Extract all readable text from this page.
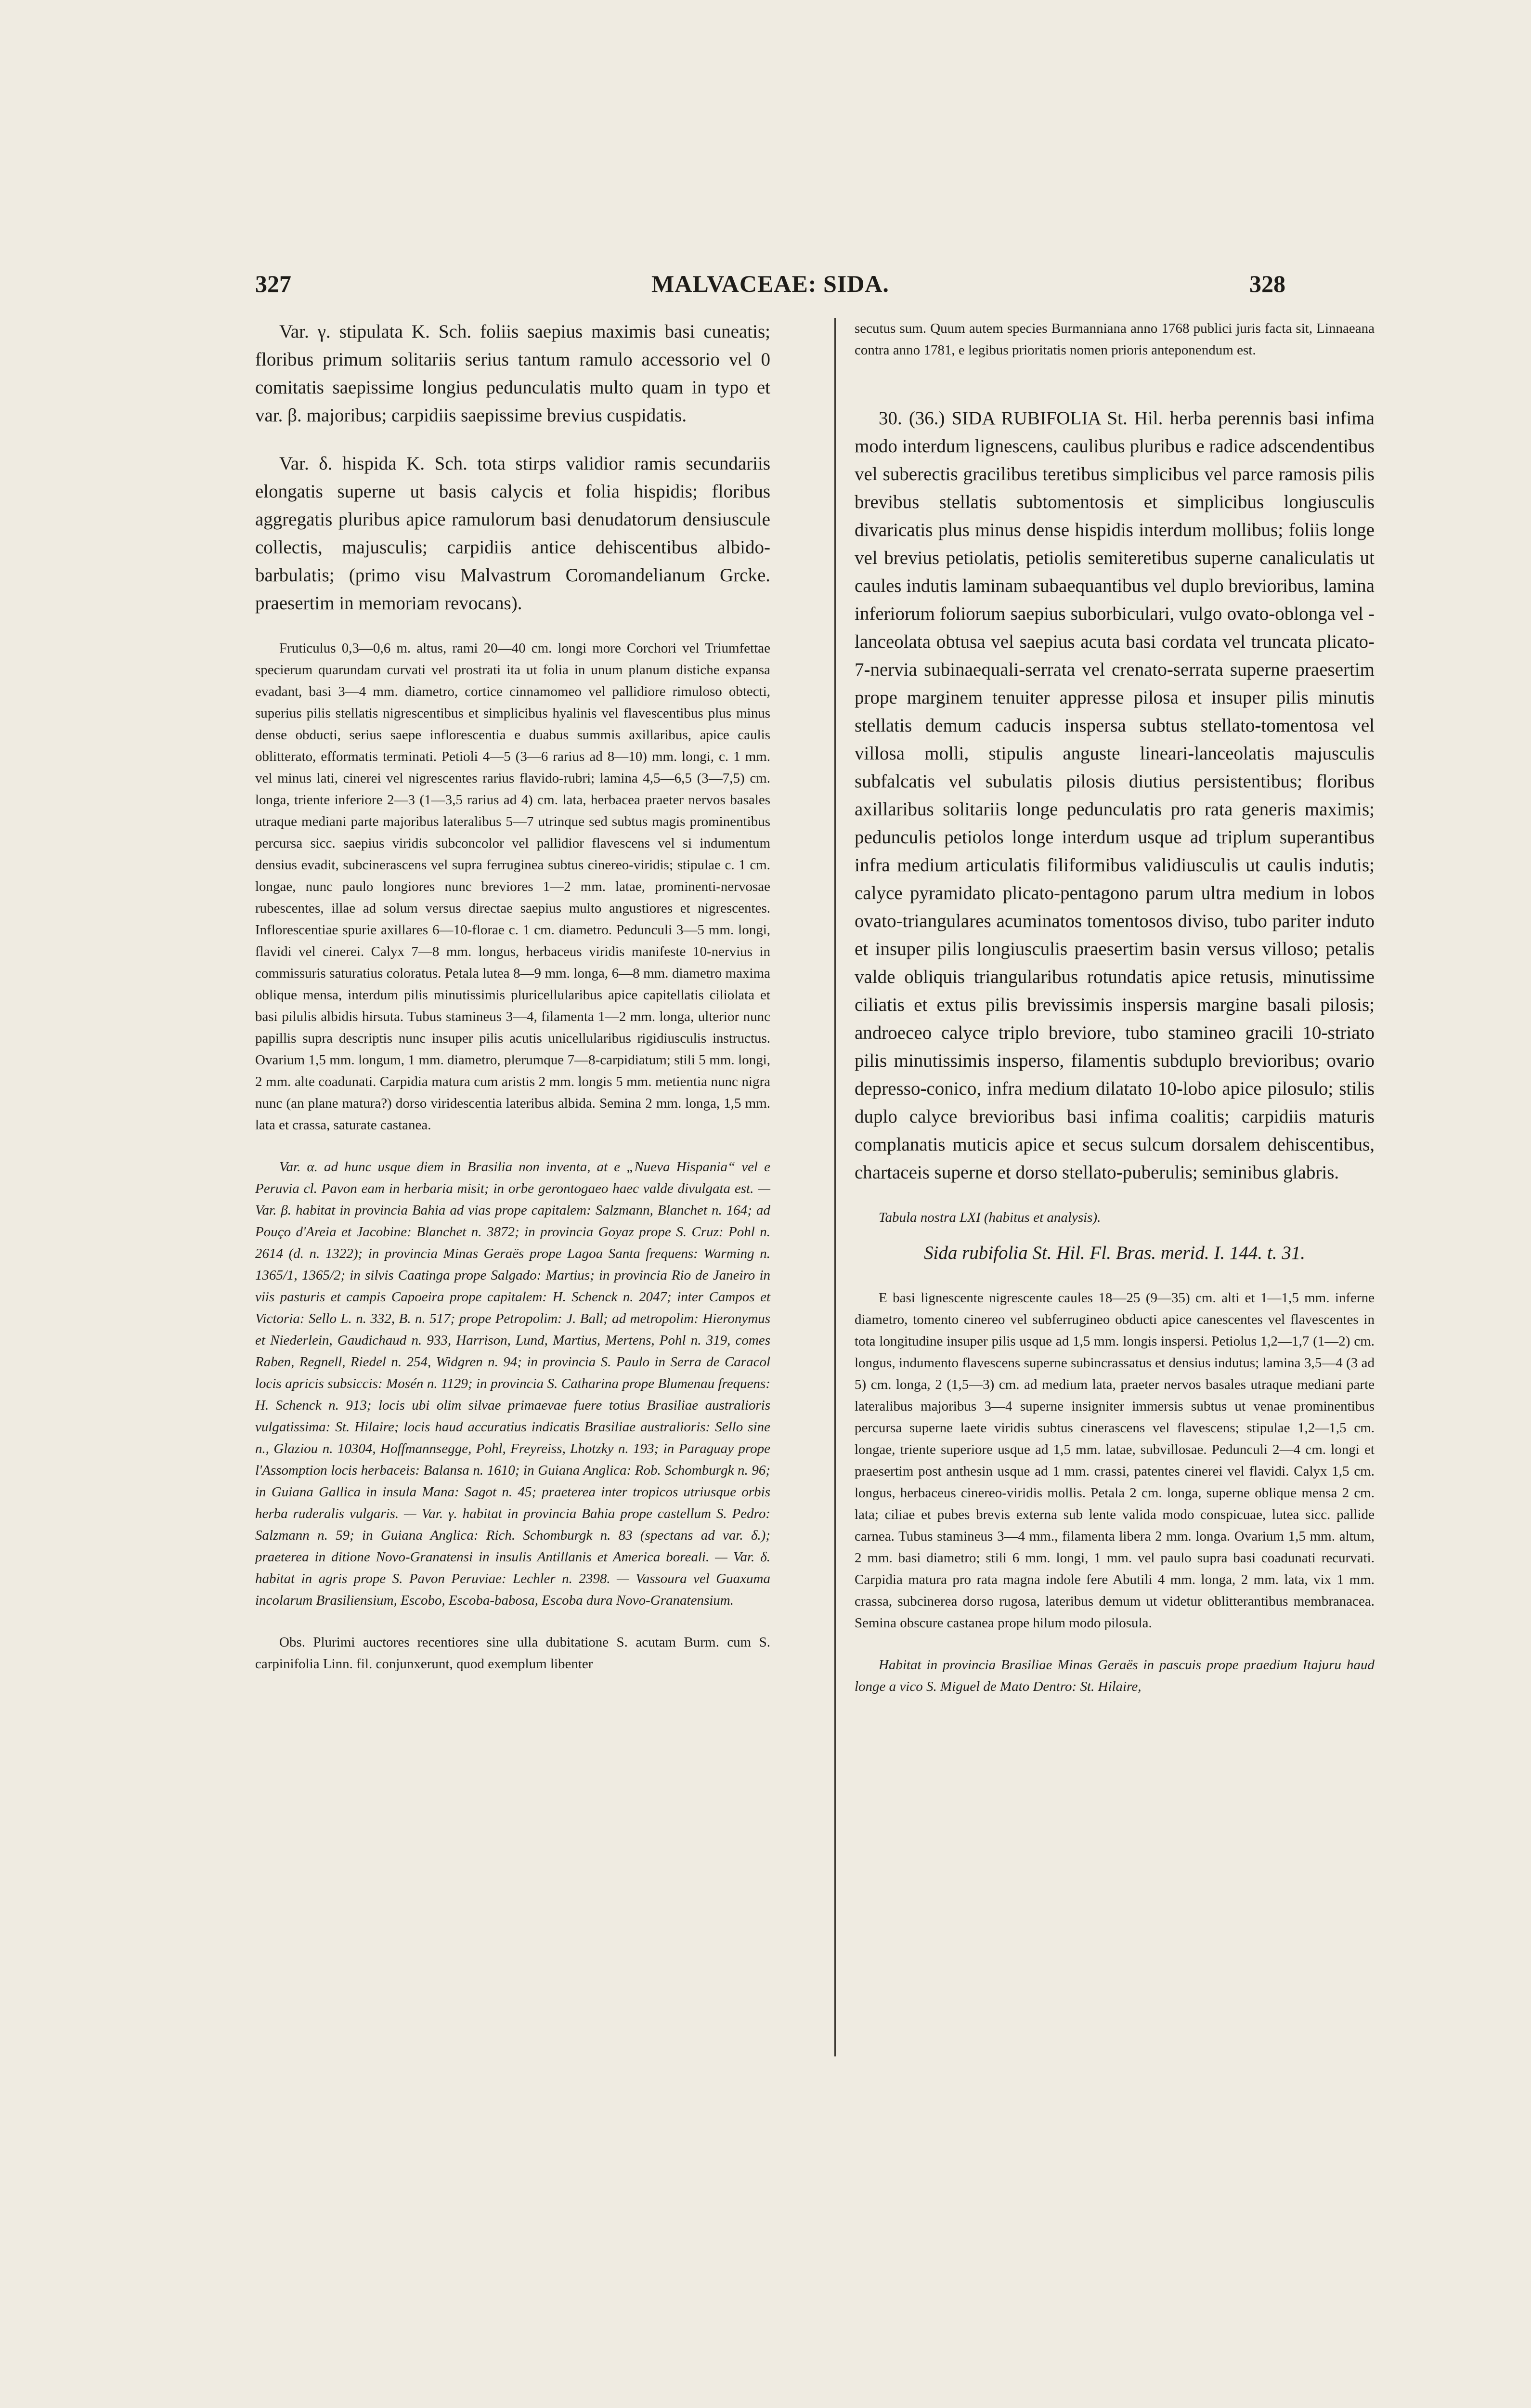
327	MALVACEAE: SIDA.	328

Var. γ. stipulata K. Sch. foliis saepius maximis basi cuneatis; floribus primum solitariis serius tantum ramulo accessorio vel 0 comitatis saepissime longius pedunculatis multo quam in typo et var. β. majoribus; carpidiis saepissime brevius cuspidatis.

Var. δ. hispida K. Sch. tota stirps validior ramis secundariis elongatis superne ut basis calycis et folia hispidis; floribus aggregatis pluribus apice ramulorum basi denudatorum densiuscule collectis, majusculis; carpidiis antice dehiscentibus albido-barbulatis; (primo visu Malvastrum Coromandelianum Grcke. praesertim in memoriam revocans).

Fruticulus 0,3—0,6 m. altus, rami 20—40 cm. longi more Corchori vel Triumfettae specierum quarundam curvati vel prostrati ita ut folia in unum planum distiche expansa evadant, basi 3—4 mm. diametro, cortice cinnamomeo vel pallidiore rimuloso obtecti, superius pilis stellatis nigrescentibus et simplicibus hyalinis vel flavescentibus plus minus dense obducti, serius saepe inflorescentia e duabus summis axillaribus, apice caulis oblitterato, efformatis terminati. Petioli 4—5 (3—6 rarius ad 8—10) mm. longi, c. 1 mm. vel minus lati, cinerei vel nigrescentes rarius flavido-rubri; lamina 4,5—6,5 (3—7,5) cm. longa, triente inferiore 2—3 (1—3,5 rarius ad 4) cm. lata, herbacea praeter nervos basales utraque mediani parte majoribus lateralibus 5—7 utrinque sed subtus magis prominentibus percursa sicc. saepius viridis subconcolor vel pallidior flavescens vel si indumentum densius evadit, subcinerascens vel supra ferruginea subtus cinereo-viridis; stipulae c. 1 cm. longae, nunc paulo longiores nunc breviores 1—2 mm. latae, prominenti-nervosae rubescentes, illae ad solum versus directae saepius multo angustiores et nigrescentes. Inflorescentiae spurie axillares 6—10-florae c. 1 cm. diametro. Pedunculi 3—5 mm. longi, flavidi vel cinerei. Calyx 7—8 mm. longus, herbaceus viridis manifeste 10-nervius in commissuris saturatius coloratus. Petala lutea 8—9 mm. longa, 6—8 mm. diametro maxima oblique mensa, interdum pilis minutissimis pluricellularibus apice capitellatis ciliolata et basi pilulis albidis hirsuta. Tubus stamineus 3—4, filamenta 1—2 mm. longa, ulterior nunc papillis supra descriptis nunc insuper pilis acutis unicellularibus rigidiusculis instructus. Ovarium 1,5 mm. longum, 1 mm. diametro, plerumque 7—8-carpidiatum; stili 5 mm. longi, 2 mm. alte coadunati. Carpidia matura cum aristis 2 mm. longis 5 mm. metientia nunc nigra nunc (an plane matura?) dorso viridescentia lateribus albida. Semina 2 mm. longa, 1,5 mm. lata et crassa, saturate castanea.

Var. α. ad hunc usque diem in Brasilia non inventa, at e „Nueva Hispania“ vel e Peruvia cl. Pavon eam in herbaria misit; in orbe gerontogaeo haec valde divulgata est. — Var. β. habitat in provincia Bahia ad vias prope capitalem: Salzmann, Blanchet n. 164; ad Pouço d'Areia et Jacobine: Blanchet n. 3872; in provincia Goyaz prope S. Cruz: Pohl n. 2614 (d. n. 1322); in provincia Minas Geraës prope Lagoa Santa frequens: Warming n. 1365/1, 1365/2; in silvis Caatinga prope Salgado: Martius; in provincia Rio de Janeiro in viis pasturis et campis Capoeira prope capitalem: H. Schenck n. 2047; inter Campos et Victoria: Sello L. n. 332, B. n. 517; prope Petropolim: J. Ball; ad metropolim: Hieronymus et Niederlein, Gaudichaud n. 933, Harrison, Lund, Martius, Mertens, Pohl n. 319, comes Raben, Regnell, Riedel n. 254, Widgren n. 94; in provincia S. Paulo in Serra de Caracol locis apricis subsiccis: Mosén n. 1129; in provincia S. Catharina prope Blumenau frequens: H. Schenck n. 913; locis ubi olim silvae primaevae fuere totius Brasiliae australioris vulgatissima: St. Hilaire; locis haud accuratius indicatis Brasiliae australioris: Sello sine n., Glaziou n. 10304, Hoffmannsegge, Pohl, Freyreiss, Lhotzky n. 193; in Paraguay prope l'Assomption locis herbaceis: Balansa n. 1610; in Guiana Anglica: Rob. Schomburgk n. 96; in Guiana Gallica in insula Mana: Sagot n. 45; praeterea inter tropicos utriusque orbis herba ruderalis vulgaris. — Var. γ. habitat in provincia Bahia prope castellum S. Pedro: Salzmann n. 59; in Guiana Anglica: Rich. Schomburgk n. 83 (spectans ad var. δ.); praeterea in ditione Novo-Granatensi in insulis Antillanis et America boreali. — Var. δ. habitat in agris prope S. Pavon Peruviae: Lechler n. 2398. — Vassoura vel Guaxuma incolarum Brasiliensium, Escobo, Escoba-babosa, Escoba dura Novo-Granatensium.

Obs. Plurimi auctores recentiores sine ulla dubitatione S. acutam Burm. cum S. carpinifolia Linn. fil. conjunxerunt, quod exemplum libenter

secutus sum. Quum autem species Burmanniana anno 1768 publici juris facta sit, Linnaeana contra anno 1781, e legibus prioritatis nomen prioris anteponendum est.

30. (36.) SIDA RUBIFOLIA St. Hil. herba perennis basi infima modo interdum lignescens, caulibus pluribus e radice adscendentibus vel suberectis gracilibus teretibus simplicibus vel parce ramosis pilis brevibus stellatis subtomentosis et simplicibus longiusculis divaricatis plus minus dense hispidis interdum mollibus; foliis longe vel brevius petiolatis, petiolis semiteretibus superne canaliculatis ut caules indutis laminam subaequantibus vel duplo brevioribus, lamina inferiorum foliorum saepius suborbiculari, vulgo ovato-oblonga vel -lanceolata obtusa vel saepius acuta basi cordata vel truncata plicato-7-nervia subinaequali-serrata vel crenato-serrata superne praesertim prope marginem tenuiter appresse pilosa et insuper pilis minutis stellatis demum caducis inspersa subtus stellato-tomentosa vel villosa molli, stipulis anguste lineari-lanceolatis majusculis subfalcatis vel subulatis pilosis diutius persistentibus; floribus axillaribus solitariis longe pedunculatis pro rata generis maximis; pedunculis petiolos longe interdum usque ad triplum superantibus infra medium articulatis filiformibus validiusculis ut caulis indutis; calyce pyramidato plicato-pentagono parum ultra medium in lobos ovato-triangulares acuminatos tomentosos diviso, tubo pariter induto et insuper pilis longiusculis praesertim basin versus villoso; petalis valde obliquis triangularibus rotundatis apice retusis, minutissime ciliatis et extus pilis brevissimis inspersis margine basali pilosis; androeceo calyce triplo breviore, tubo stamineo gracili 10-striato pilis minutissimis insperso, filamentis subduplo brevioribus; ovario depresso-conico, infra medium dilatato 10-lobo apice pilosulo; stilis duplo calyce brevioribus basi infima coalitis; carpidiis maturis complanatis muticis apice et secus sulcum dorsalem dehiscentibus, chartaceis superne et dorso stellato-puberulis; seminibus glabris.

Tabula nostra LXI (habitus et analysis).

Sida rubifolia St. Hil. Fl. Bras. merid. I. 144. t. 31.

E basi lignescente nigrescente caules 18—25 (9—35) cm. alti et 1—1,5 mm. inferne diametro, tomento cinereo vel subferrugineo obducti apice canescentes vel flavescentes in tota longitudine insuper pilis usque ad 1,5 mm. longis inspersi. Petiolus 1,2—1,7 (1—2) cm. longus, indumento flavescens superne subincrassatus et densius indutus; lamina 3,5—4 (3 ad 5) cm. longa, 2 (1,5—3) cm. ad medium lata, praeter nervos basales utraque mediani parte lateralibus majoribus 3—4 superne insigniter immersis subtus ut venae prominentibus percursa superne laete viridis subtus cinerascens vel flavescens; stipulae 1,2—1,5 cm. longae, triente superiore usque ad 1,5 mm. latae, subvillosae. Pedunculi 2—4 cm. longi et praesertim post anthesin usque ad 1 mm. crassi, patentes cinerei vel flavidi. Calyx 1,5 cm. longus, herbaceus cinereo-viridis mollis. Petala 2 cm. longa, superne oblique mensa 2 cm. lata; ciliae et pubes brevis externa sub lente valida modo conspicuae, lutea sicc. pallide carnea. Tubus stamineus 3—4 mm., filamenta libera 2 mm. longa. Ovarium 1,5 mm. altum, 2 mm. basi diametro; stili 6 mm. longi, 1 mm. vel paulo supra basi coadunati recurvati. Carpidia matura pro rata magna indole fere Abutili 4 mm. longa, 2 mm. lata, vix 1 mm. crassa, subcinerea dorso rugosa, lateribus demum ut videtur oblitterantibus membranacea. Semina obscure castanea prope hilum modo pilosula.

Habitat in provincia Brasiliae Minas Geraës in pascuis prope praedium Itajuru haud longe a vico S. Miguel de Mato Dentro: St. Hilaire,
